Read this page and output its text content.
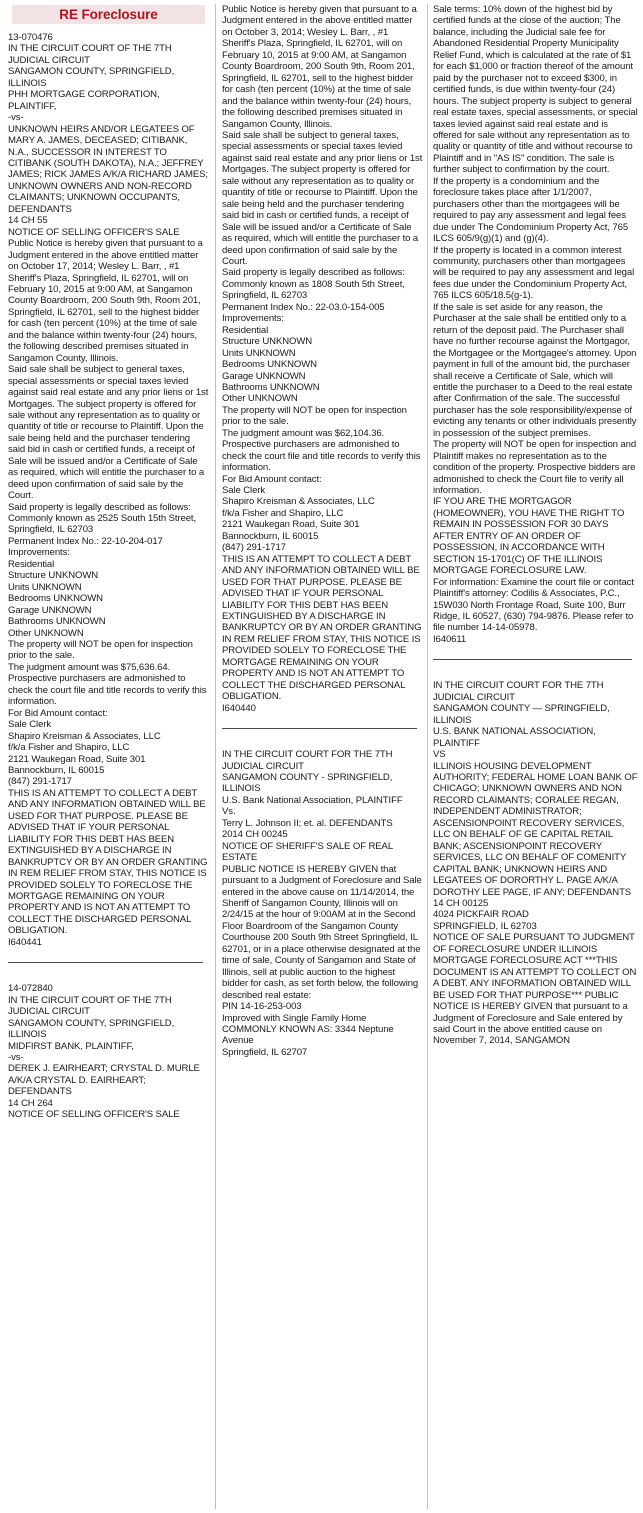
RE Foreclosure
13-070476
IN THE CIRCUIT COURT OF THE 7TH JUDICIAL CIRCUIT
SANGAMON COUNTY, SPRINGFIELD, ILLINOIS
PHH MORTGAGE CORPORATION, PLAINTIFF,
-vs-
UNKNOWN HEIRS AND/OR LEGATEES OF MARY A. JAMES, DECEASED; CITIBANK, N.A., SUCCESSOR IN INTEREST TO CITIBANK (SOUTH DAKOTA), N.A.; JEFFREY JAMES; RICK JAMES A/K/A RICHARD JAMES; UNKNOWN OWNERS AND NON-RECORD CLAIMANTS; UNKNOWN OCCUPANTS, DEFENDANTS
14 CH 55
NOTICE OF SELLING OFFICER'S SALE
Public Notice is hereby given that pursuant to a Judgment entered in the above entitled matter on October 17, 2014; Wesley L. Barr, , #1 Sheriff's Plaza, Springfield, IL 62701, will on February 10, 2015 at 9:00 AM, at Sangamon County Boardroom, 200 South 9th, Room 201, Springfield, IL 62701, sell to the highest bidder for cash (ten percent (10%) at the time of sale and the balance within twenty-four (24) hours, the following described premises situated in Sangamon County, Illinois.
Said sale shall be subject to general taxes, special assessments or special taxes levied against said real estate and any prior liens or 1st Mortgages. The subject property is offered for sale without any representation as to quality or quantity of title or recourse to Plaintiff. Upon the sale being held and the purchaser tendering said bid in cash or certified funds, a receipt of Sale will be issued and/or a Certificate of Sale as required, which will entitle the purchaser to a deed upon confirmation of said sale by the Court.
Said property is legally described as follows:
Commonly known as 2525 South 15th Street, Springfield, IL 62703
Permanent Index No.: 22-10-204-017
Improvements:
Residential
Structure UNKNOWN
Units UNKNOWN
Bedrooms UNKNOWN
Garage UNKNOWN
Bathrooms UNKNOWN
Other UNKNOWN
The property will NOT be open for inspection prior to the sale.
The judgment amount was $75,636.64.
Prospective purchasers are admonished to check the court file and title records to verify this information.
For Bid Amount contact:
Sale Clerk
Shapiro Kreisman & Associates, LLC
f/k/a Fisher and Shapiro, LLC
2121 Waukegan Road, Suite 301
Bannockburn, IL 60015
(847) 291-1717
THIS IS AN ATTEMPT TO COLLECT A DEBT AND ANY INFORMATION OBTAINED WILL BE USED FOR THAT PURPOSE. PLEASE BE ADVISED THAT IF YOUR PERSONAL LIABILITY FOR THIS DEBT HAS BEEN EXTINGUISHED BY A DISCHARGE IN BANKRUPTCY OR BY AN ORDER GRANTING IN REM RELIEF FROM STAY, THIS NOTICE IS PROVIDED SOLELY TO FORECLOSE THE MORTGAGE REMAINING ON YOUR PROPERTY AND IS NOT AN ATTEMPT TO COLLECT THE DISCHARGED PERSONAL OBLIGATION.
I640441
14-072840
IN THE CIRCUIT COURT OF THE 7TH JUDICIAL CIRCUIT
SANGAMON COUNTY, SPRINGFIELD, ILLINOIS
MIDFIRST BANK, PLAINTIFF,
-vs-
DEREK J. EAIRHEART; CRYSTAL D. MURLE A/K/A CRYSTAL D. EAIRHEART; DEFENDANTS
14 CH 264
NOTICE OF SELLING OFFICER'S SALE
Public Notice is hereby given that pursuant to a Judgment entered in the above entitled matter on October 3, 2014; Wesley L. Barr, , #1 Sheriff's Plaza, Springfield, IL 62701, will on February 10, 2015 at 9:00 AM, at Sangamon County Boardroom, 200 South 9th, Room 201, Springfield, IL 62701, sell to the highest bidder for cash (ten percent (10%) at the time of sale and the balance within twenty-four (24) hours, the following described premises situated in Sangamon County, Illinois.
Said sale shall be subject to general taxes, special assessments or special taxes levied against said real estate and any prior liens or 1st Mortgages. The subject property is offered for sale without any representation as to quality or quantity of title or recourse to Plaintiff. Upon the sale being held and the purchaser tendering said bid in cash or certified funds, a receipt of Sale will be issued and/or a Certificate of Sale as required, which will entitle the purchaser to a deed upon confirmation of said sale by the Court.
Said property is legally described as follows:
Commonly known as 1808 South 5th Street, Springfield, IL 62703
Permanent Index No.: 22-03.0-154-005
Improvements:
Residential
Structure UNKNOWN
Units UNKNOWN
Bedrooms UNKNOWN
Garage UNKNOWN
Bathrooms UNKNOWN
Other UNKNOWN
The property will NOT be open for inspection prior to the sale.
The judgment amount was $62,104.36.
Prospective purchasers are admonished to check the court file and title records to verify this information.
For Bid Amount contact:
Sale Clerk
Shapiro Kreisman & Associates, LLC
f/k/a Fisher and Shapiro, LLC
2121 Waukegan Road, Suite 301
Bannockburn, IL 60015
(847) 291-1717
THIS IS AN ATTEMPT TO COLLECT A DEBT AND ANY INFORMATION OBTAINED WILL BE USED FOR THAT PURPOSE. PLEASE BE ADVISED THAT IF YOUR PERSONAL LIABILITY FOR THIS DEBT HAS BEEN EXTINGUISHED BY A DISCHARGE IN BANKRUPTCY OR BY AN ORDER GRANTING IN REM RELIEF FROM STAY, THIS NOTICE IS PROVIDED SOLELY TO FORECLOSE THE MORTGAGE REMAINING ON YOUR PROPERTY AND IS NOT AN ATTEMPT TO COLLECT THE DISCHARGED PERSONAL OBLIGATION.
I640440
IN THE CIRCUIT COURT FOR THE 7TH JUDICIAL CIRCUIT
SANGAMON COUNTY - SPRINGFIELD, ILLINOIS
U.S. Bank National Association, PLAINTIFF
Vs.
Terry L. Johnson II; et. al. DEFENDANTS
2014 CH 00245
NOTICE OF SHERIFF'S SALE OF REAL ESTATE
PUBLIC NOTICE IS HEREBY GIVEN that pursuant to a Judgment of Foreclosure and Sale entered in the above cause on 11/14/2014, the Sheriff of Sangamon County, Illinois will on 2/24/15 at the hour of 9:00AM at in the Second Floor Boardroom of the Sangamon County Courthouse 200 South 9th Street Springfield, IL 62701, or in a place otherwise designated at the time of sale, County of Sangamon and State of Illinois, sell at public auction to the highest bidder for cash, as set forth below, the following described real estate:
PIN 14-16-253-003
Improved with Single Family Home
COMMONLY KNOWN AS: 3344 Neptune Avenue
Springfield, IL 62707
Sale terms: 10% down of the highest bid by certified funds at the close of the auction; The balance, including the Judicial sale fee for Abandoned Residential Property Municipality Relief Fund, which is calculated at the rate of $1 for each $1,000 or fraction thereof of the amount paid by the purchaser not to exceed $300, in certified funds, is due within twenty-four (24) hours. The subject property is subject to general real estate taxes, special assessments, or special taxes levied against said real estate and is offered for sale without any representation as to quality or quantity of title and without recourse to Plaintiff and in "AS IS" condition. The sale is further subject to confirmation by the court.
If the property is a condominium and the foreclosure takes place after 1/1/2007, purchasers other than the mortgagees will be required to pay any assessment and legal fees due under The Condominium Property Act, 765 ILCS 605/9(g)(1) and (g)(4).
If the property is located in a common interest community, purchasers other than mortgagees will be required to pay any assessment and legal fees due under the Condominium Property Act, 765 ILCS 605/18.5(g-1).
If the sale is set aside for any reason, the Purchaser at the sale shall be entitled only to a return of the deposit paid. The Purchaser shall have no further recourse against the Mortgagor, the Mortgagee or the Mortgagee's attorney. Upon payment in full of the amount bid, the purchaser shall receive a Certificate of Sale, which will entitle the purchaser to a Deed to the real estate after Confirmation of the sale. The successful purchaser has the sole responsibility/expense of evicting any tenants or other individuals presently in possession of the subject premises.
The property will NOT be open for inspection and Plaintiff makes no representation as to the condition of the property. Prospective bidders are admonished to check the Court file to verify all information.
IF YOU ARE THE MORTGAGOR (HOMEOWNER), YOU HAVE THE RIGHT TO REMAIN IN POSSESSION FOR 30 DAYS AFTER ENTRY OF AN ORDER OF POSSESSION, IN ACCORDANCE WITH SECTION 15-1701(C) OF THE ILLINOIS MORTGAGE FORECLOSURE LAW.
For information: Examine the court file or contact Plaintiff's attorney: Codilis & Associates, P.C., 15W030 North Frontage Road, Suite 100, Burr Ridge, IL 60527, (630) 794-9876. Please refer to file number 14-14-05978.
I640611
IN THE CIRCUIT COURT FOR THE 7TH JUDICIAL CIRCUIT
SANGAMON COUNTY — SPRINGFIELD, ILLINOIS
U.S. BANK NATIONAL ASSOCIATION, PLAINTIFF
VS
ILLINOIS HOUSING DEVELOPMENT AUTHORITY; FEDERAL HOME LOAN BANK OF CHICAGO; UNKNOWN OWNERS AND NON RECORD CLAIMANTS; CORALEE REGAN, INDEPENDENT ADMINISTRATOR; ASCENSIONPOINT RECOVERY SERVICES, LLC ON BEHALF OF GE CAPITAL RETAIL BANK; ASCENSIONPOINT RECOVERY SERVICES, LLC ON BEHALF OF COMENITY CAPITAL BANK; UNKNOWN HEIRS AND LEGATEES OF DORORTHY L. PAGE A/K/A DOROTHY LEE PAGE, IF ANY; DEFENDANTS
14 CH 00125
4024 PICKFAIR ROAD
SPRINGFIELD, IL 62703
NOTICE OF SALE PURSUANT TO JUDGMENT OF FORECLOSURE UNDER ILLINOIS MORTGAGE FORECLOSURE ACT ***THIS DOCUMENT IS AN ATTEMPT TO COLLECT ON A DEBT. ANY INFORMATION OBTAINED WILL BE USED FOR THAT PURPOSE*** PUBLIC NOTICE IS HEREBY GIVEN that pursuant to a Judgment of Foreclosure and Sale entered by said Court in the above entitled cause on November 7, 2014, SANGAMON
